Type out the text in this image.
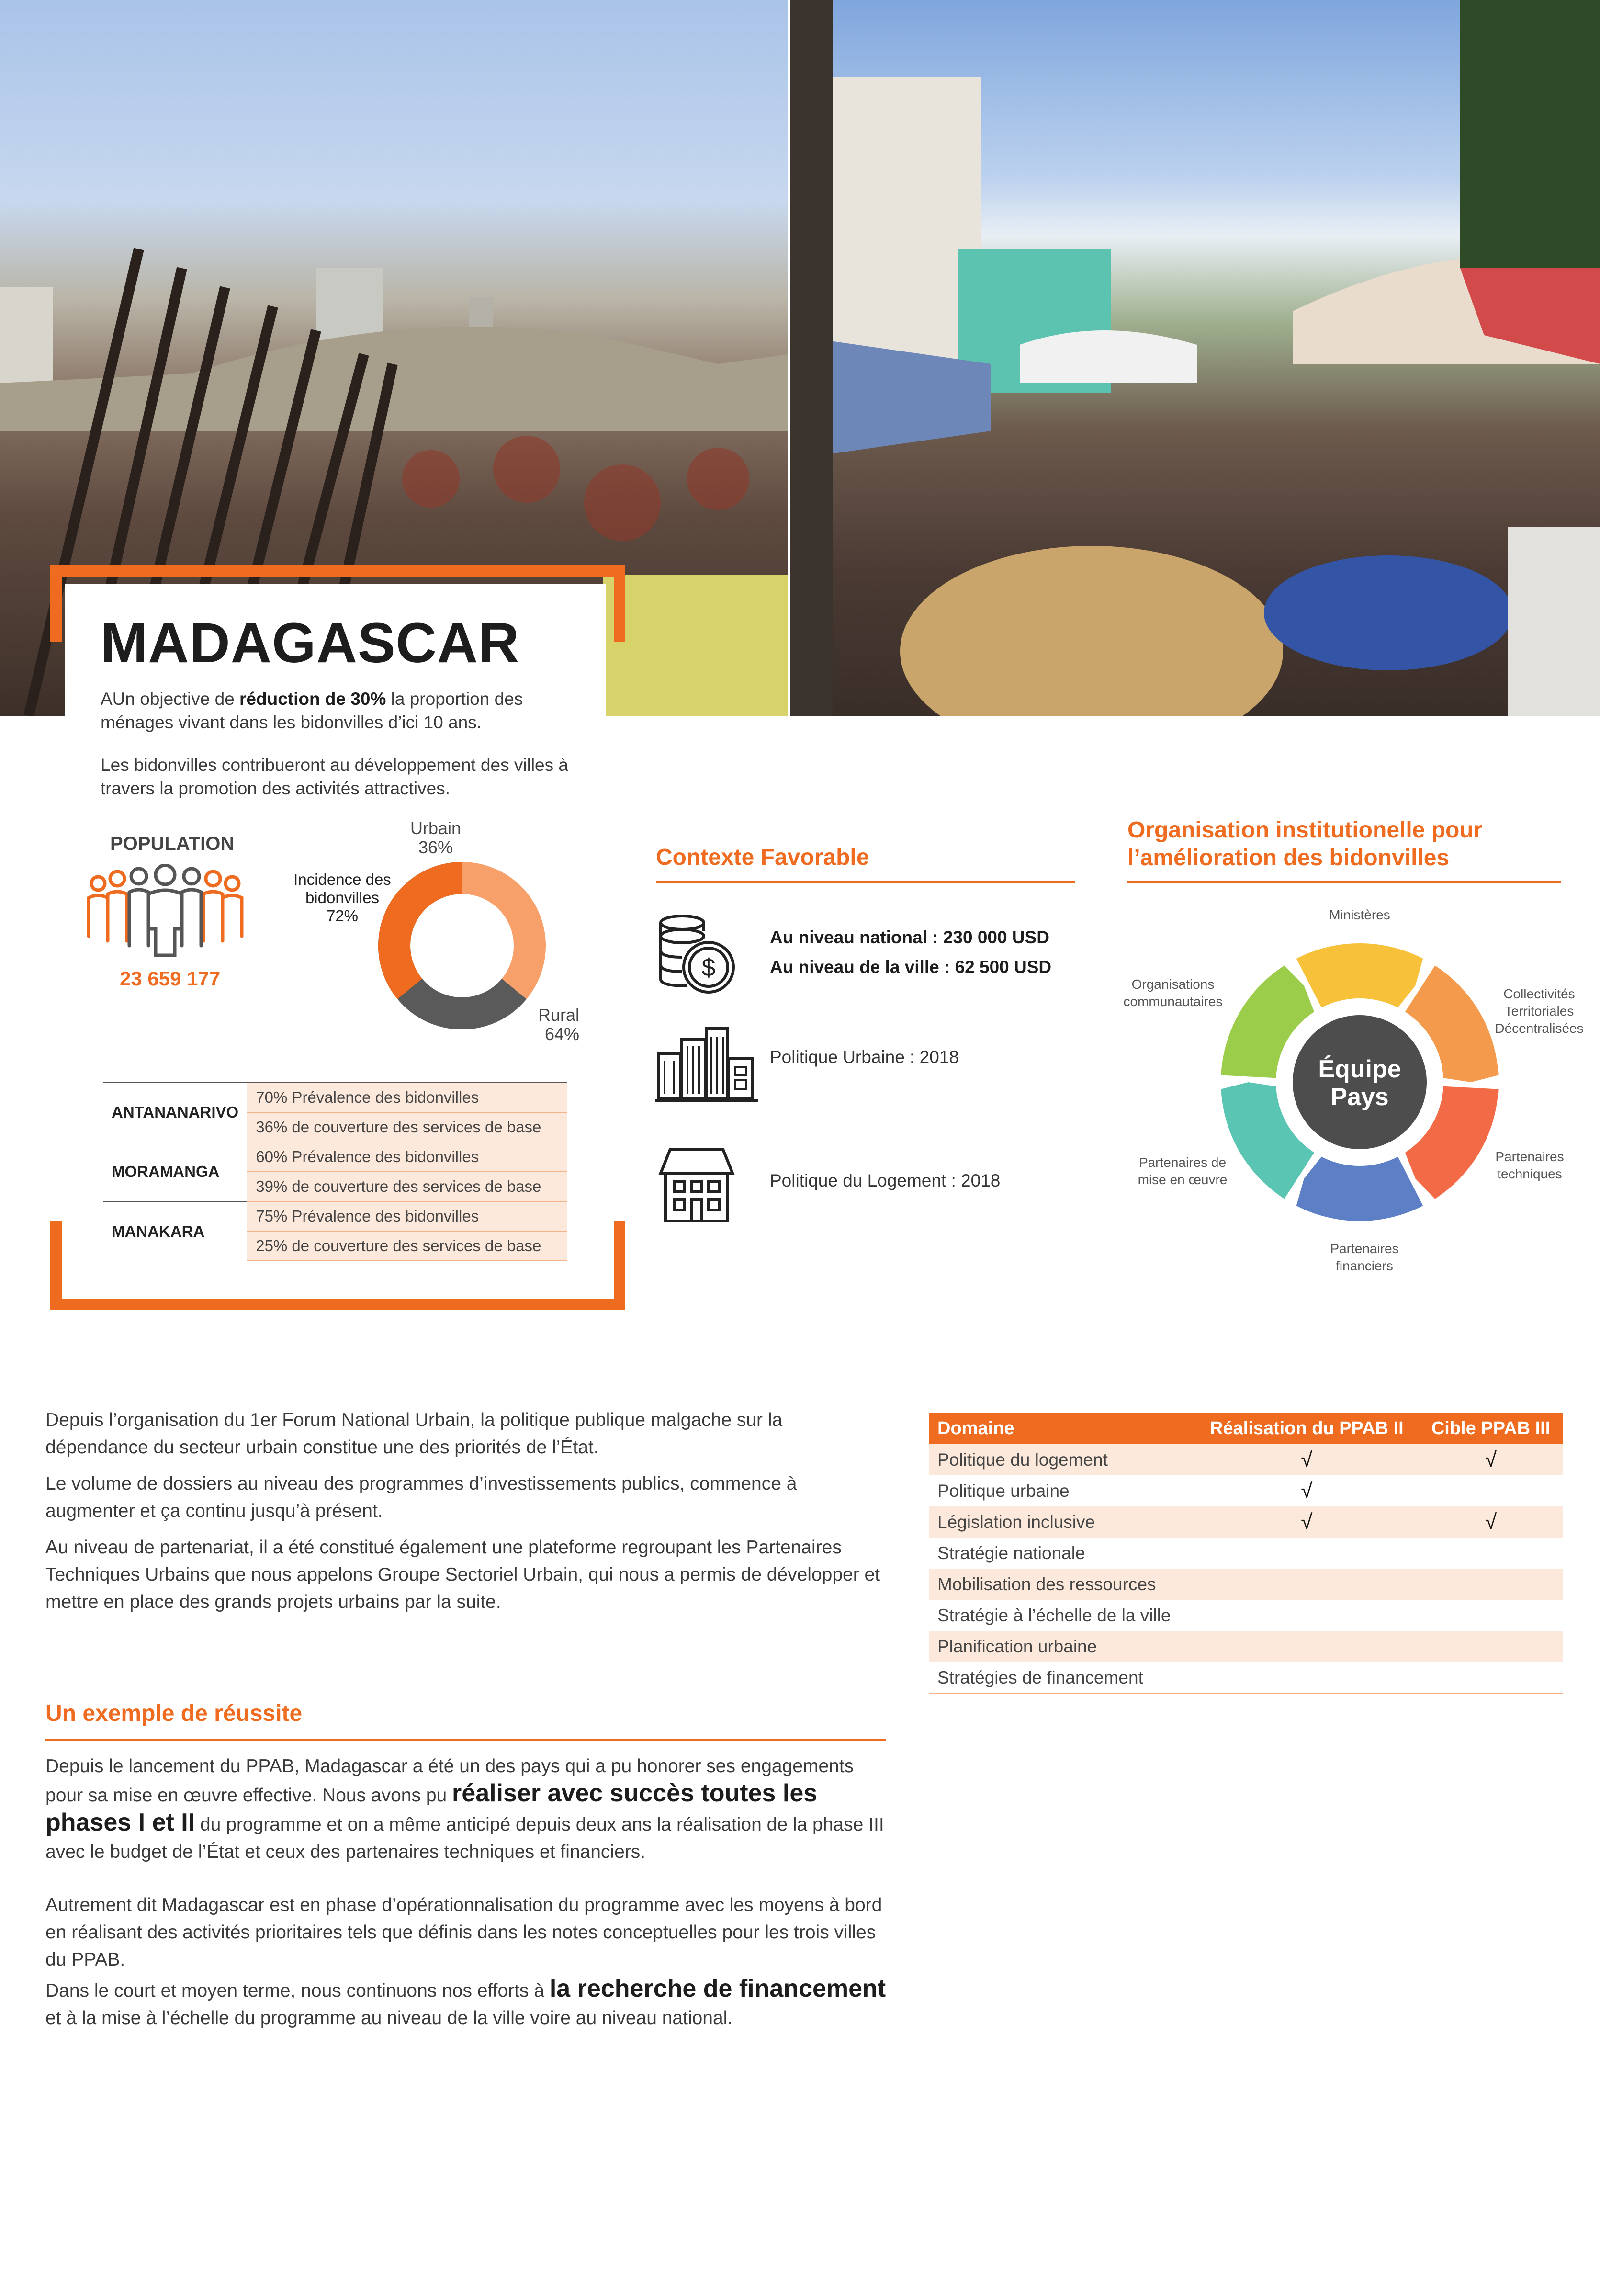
MADAGASCAR
AUn objective de réduction de 30% la proportion des ménages vivant dans les bidonvilles d’ici 10 ans.
Les bidonvilles contribueront au développement des villes à travers la promotion des activités attractives.
POPULATION
23 659 177
Urbain
36%
Rural
64%
Incidence des bidonvilles
72%
ANTANANARIVO	70% Prévalence des bidonvilles
	36% de couverture des services de base
MORAMANGA	60% Prévalence des bidonvilles
	39% de couverture des services de base
MANAKARA	75% Prévalence des bidonvilles
	25% de couverture des services de base
Contexte Favorable
$
Au niveau national : 230 000 USD
Au niveau de la ville : 62 500 USD
Politique Urbaine : 2018
Politique du Logement : 2018
Organisation institutionelle pour
l’amélioration des bidonvilles
Équipe
Pays
Ministères
Collectivités Territoriales Décentralisées
Partenaires techniques
Partenaires financiers
Partenaires de mise en œuvre
Organisations communautaires
Depuis l’organisation du 1er Forum National Urbain, la politique publique malgache sur la dépendance du secteur urbain constitue une des priorités de l’État.
Le volume de dossiers au niveau des programmes d’investissements publics, commence à augmenter et ça continu jusqu’à présent.
Au niveau de partenariat, il a été constitué également une plateforme regroupant les Partenaires Techniques Urbains que nous appelons Groupe Sectoriel Urbain, qui nous a permis de développer et mettre en place des grands projets urbains par la suite.
Un exemple de réussite
Depuis le lancement du PPAB, Madagascar a été un des pays qui a pu honorer ses engagements pour sa mise en œuvre effective. Nous avons pu réaliser avec succès toutes les phases I et II du programme et on a même anticipé depuis deux ans la réalisation de la phase III avec le budget de l’État et ceux des partenaires techniques et financiers.
Autrement dit Madagascar est en phase d’opérationnalisation du programme avec les moyens à bord en réalisant des activités prioritaires tels que définis dans les notes conceptuelles pour les trois villes du PPAB.
Dans le court et moyen terme, nous continuons nos efforts à la recherche de financement et à la mise à l’échelle du programme au niveau de la ville voire au niveau national.
Domaine	Réalisation du PPAB II	Cible PPAB III
Politique du logement	√	√
Politique urbaine	√	
Législation inclusive	√	√
Stratégie nationale		
Mobilisation des ressources		
Stratégie à l’échelle de la ville		
Planification urbaine		
Stratégies de financement		
